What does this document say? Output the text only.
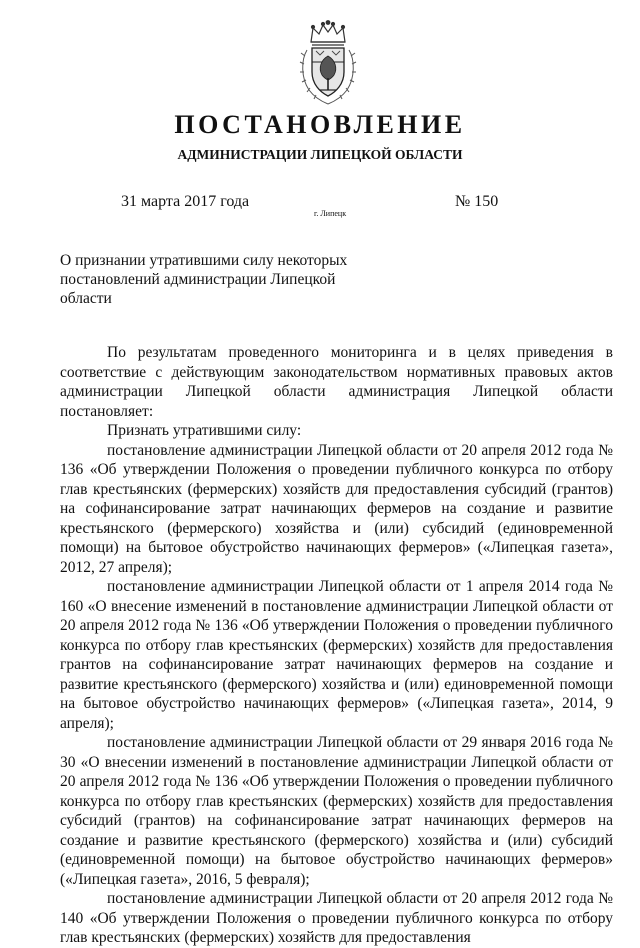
ПОСТАНОВЛЕНИЕ
АДМИНИСТРАЦИИ ЛИПЕЦКОЙ ОБЛАСТИ
31 марта 2017 года
г. Липецк
№ 150
О признании утратившими силу некоторых постановлений администрации Липецкой области

По результатам проведенного мониторинга и в целях приведения в соответствие с действующим законодательством нормативных правовых актов администрации Липецкой области администрация Липецкой области постановляет:

Признать утратившими силу:

постановление администрации Липецкой области от 20 апреля 2012 года № 136 «Об утверждении Положения о проведении публичного конкурса по отбору глав крестьянских (фермерских) хозяйств для предоставления субсидий (грантов) на софинансирование затрат начинающих фермеров на создание и развитие крестьянского (фермерского) хозяйства и (или) субсидий (единовременной помощи) на бытовое обустройство начинающих фермеров» («Липецкая газета», 2012, 27 апреля);

постановление администрации Липецкой области от 1 апреля 2014 года № 160 «О внесение изменений в постановление администрации Липецкой области от 20 апреля 2012 года № 136 «Об утверждении Положения о проведении публичного конкурса по отбору глав крестьянских (фермерских) хозяйств для предоставления грантов на софинансирование затрат начинающих фермеров на создание и развитие крестьянского (фермерского) хозяйства и (или) единовременной помощи на бытовое обустройство начинающих фермеров» («Липецкая газета», 2014, 9 апреля);

постановление администрации Липецкой области от 29 января 2016 года № 30 «О внесении изменений в постановление администрации Липецкой области от 20 апреля 2012 года № 136 «Об утверждении Положения о проведении публичного конкурса по отбору глав крестьянских (фермерских) хозяйств для предоставления субсидий (грантов) на софинансирование затрат начинающих фермеров на создание и развитие крестьянского (фермерского) хозяйства и (или) субсидий (единовременной помощи) на бытовое обустройство начинающих фермеров» («Липецкая газета», 2016, 5 февраля);

постановление администрации Липецкой области от 20 апреля 2012 года № 140 «Об утверждении Положения о проведении публичного конкурса по отбору глав крестьянских (фермерских) хозяйств для предоставления
